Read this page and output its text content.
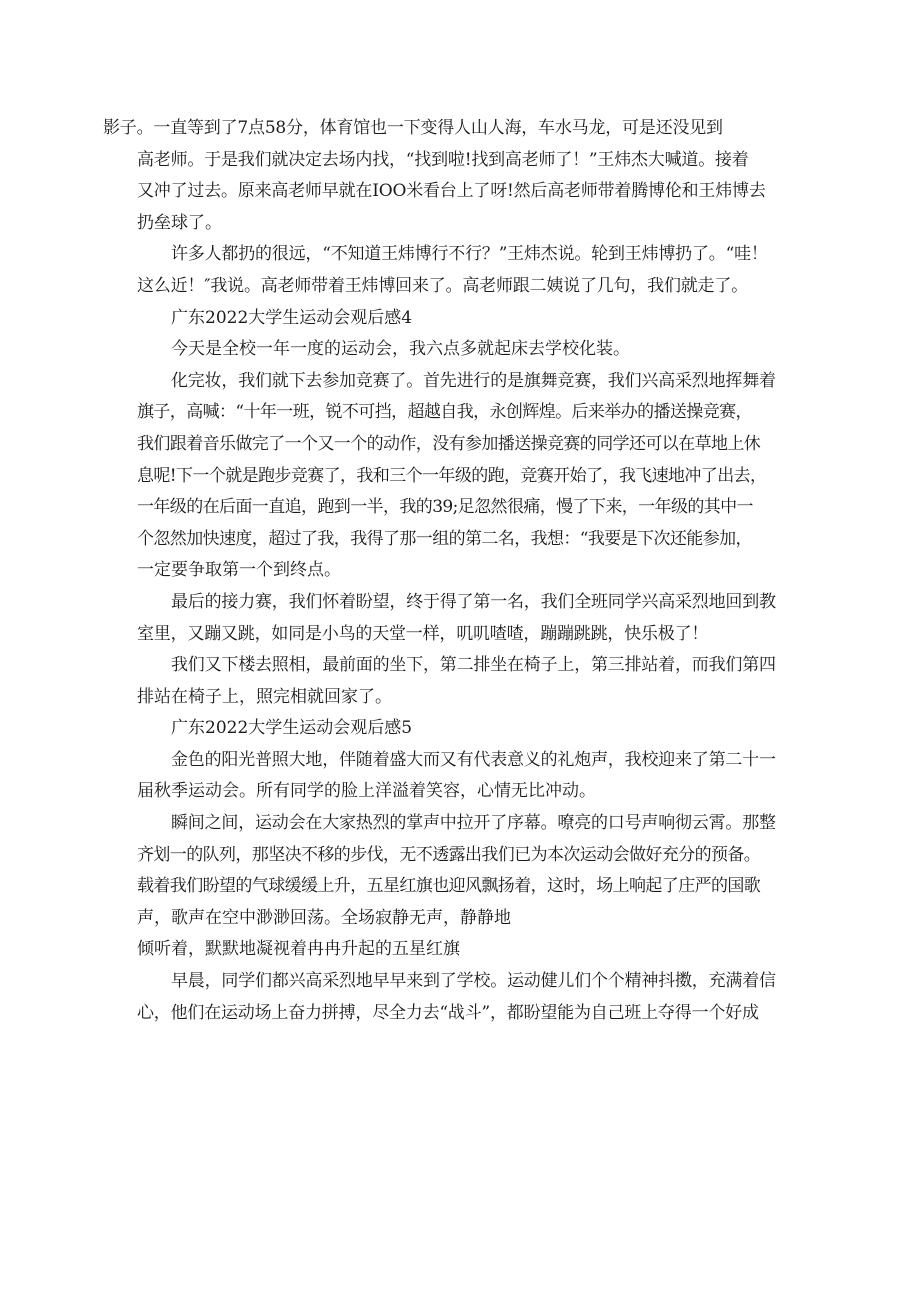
影子。一直等到了7点58分，体育馆也一下变得人山人海，车水马龙，可是还没见到
高老师。于是我们就决定去场内找，“找到啦!找到高老师了！”王炜杰大喊道。接着
又冲了过去。原来高老师早就在IOO米看台上了呀!然后高老师带着腾博伦和王炜博去
扔垒球了。

许多人都扔的很远，“不知道王炜博行不行？”王炜杰说。轮到王炜博扔了。“哇！
这么近！″我说。高老师带着王炜博回来了。高老师跟二姨说了几句，我们就走了。

广东2022大学生运动会观后感4

今天是全校一年一度的运动会，我六点多就起床去学校化装。

化完妆，我们就下去参加竞赛了。首先进行的是旗舞竞赛，我们兴高采烈地挥舞着
旗子，高喊：“十年一班，锐不可挡，超越自我，永创辉煌。后来举办的播送操竞赛，
我们跟着音乐做完了一个又一个的动作，没有参加播送操竞赛的同学还可以在草地上休
息呢!下一个就是跑步竞赛了，我和三个一年级的跑，竞赛开始了，我飞速地冲了出去，
一年级的在后面一直追，跑到一半，我的39;足忽然很痛，慢了下来，一年级的其中一
个忽然加快速度，超过了我，我得了那一组的第二名，我想：“我要是下次还能参加，
一定要争取第一个到终点。

最后的接力赛，我们怀着盼望，终于得了第一名，我们全班同学兴高采烈地回到教
室里，又蹦又跳，如同是小鸟的天堂一样，叽叽喳喳，蹦蹦跳跳，快乐极了！

我们又下楼去照相，最前面的坐下，第二排坐在椅子上，第三排站着，而我们第四
排站在椅子上，照完相就回家了。

广东2022大学生运动会观后感5

金色的阳光普照大地，伴随着盛大而又有代表意义的礼炮声，我校迎来了第二十一
届秋季运动会。所有同学的脸上洋溢着笑容，心情无比冲动。

瞬间之间，运动会在大家热烈的掌声中拉开了序幕。嘹亮的口号声响彻云霄。那整
齐划一的队列，那坚决不移的步伐，无不透露出我们已为本次运动会做好充分的预备。
载着我们盼望的气球缓缓上升，五星红旗也迎风飘扬着，这时，场上响起了庄严的国歌
声，歌声在空中渺渺回荡。全场寂静无声，静静地
倾听着，默默地凝视着冉冉升起的五星红旗

早晨，同学们都兴高采烈地早早来到了学校。运动健儿们个个精神抖擞，充满着信
心，他们在运动场上奋力拼搏，尽全力去“战斗”，都盼望能为自己班上夺得一个好成
